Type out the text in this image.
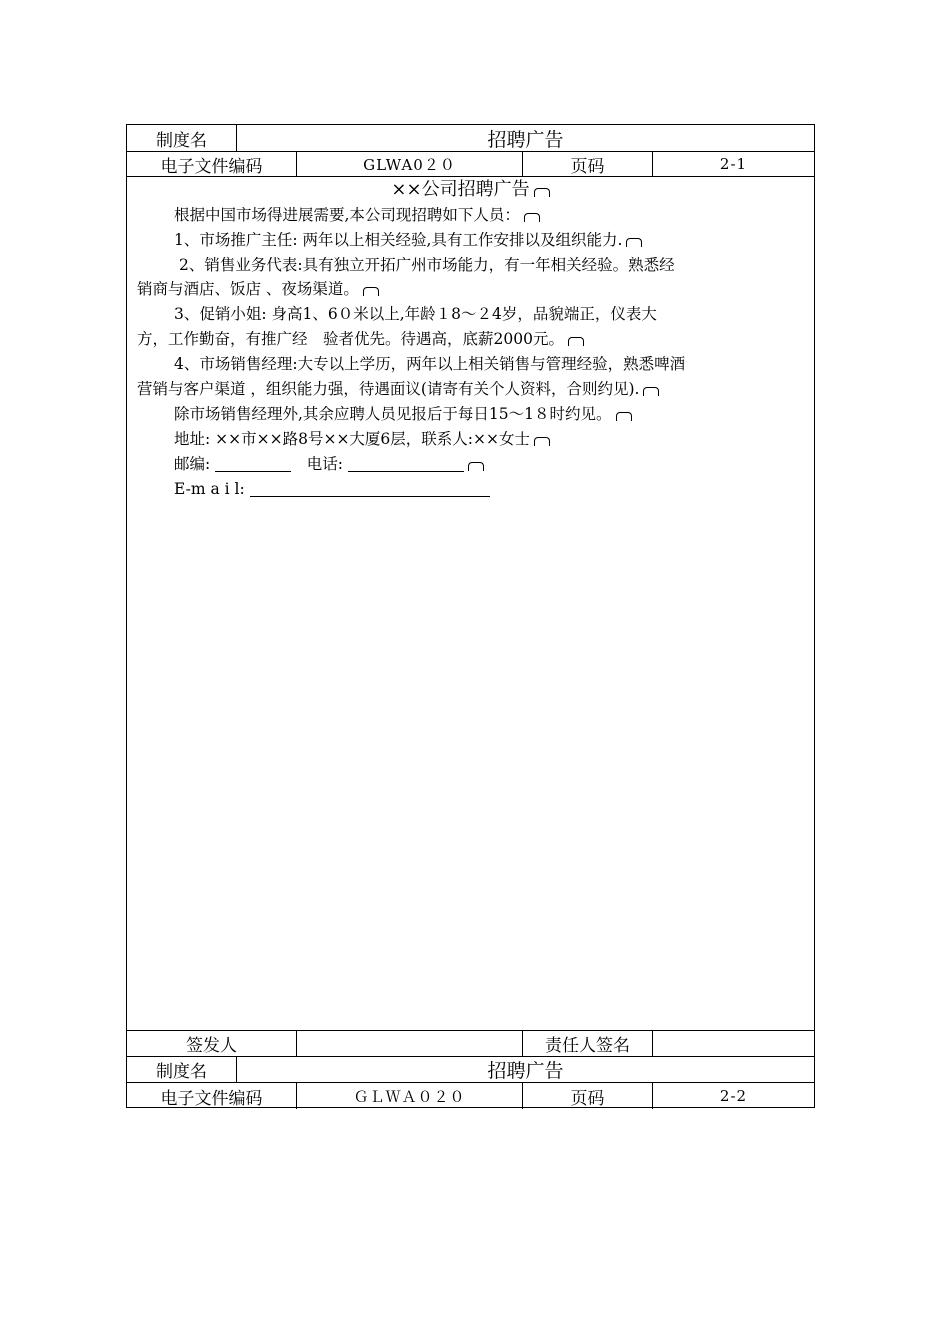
制度名	招聘广告
电子文件编码	GLWA0２０	页码	2-1
××公司招聘广告
根据中国市场得进展需要,本公司现招聘如下人员：
1、市场推广主任: 两年以上相关经验,具有工作安排以及组织能力.
2、销售业务代表:具有独立开拓广州市场能力，有一年相关经验。熟悉经
销商与酒店、饭店 、夜场渠道。
3、促销小姐: 身高1、6０米以上,年龄１8～２4岁，品貌端正，仪表大
方，工作勤奋，有推广经　验者优先。待遇高，底薪2000元。
4、市场销售经理:大专以上学历，两年以上相关销售与管理经验，熟悉啤酒
营销与客户渠道 ，组织能力强，待遇面议(请寄有关个人资料，合则约见).
除市场销售经理外,其余应聘人员见报后于每日15～1８时约见。
地址: ××市××路8号××大厦6层，联系人:××女士
邮编: 　	电话:
E-m a i l:
签发人	责任人签名
制度名	招聘广告
电子文件编码	ＧＬＷＡ０２０	页码	2-2
